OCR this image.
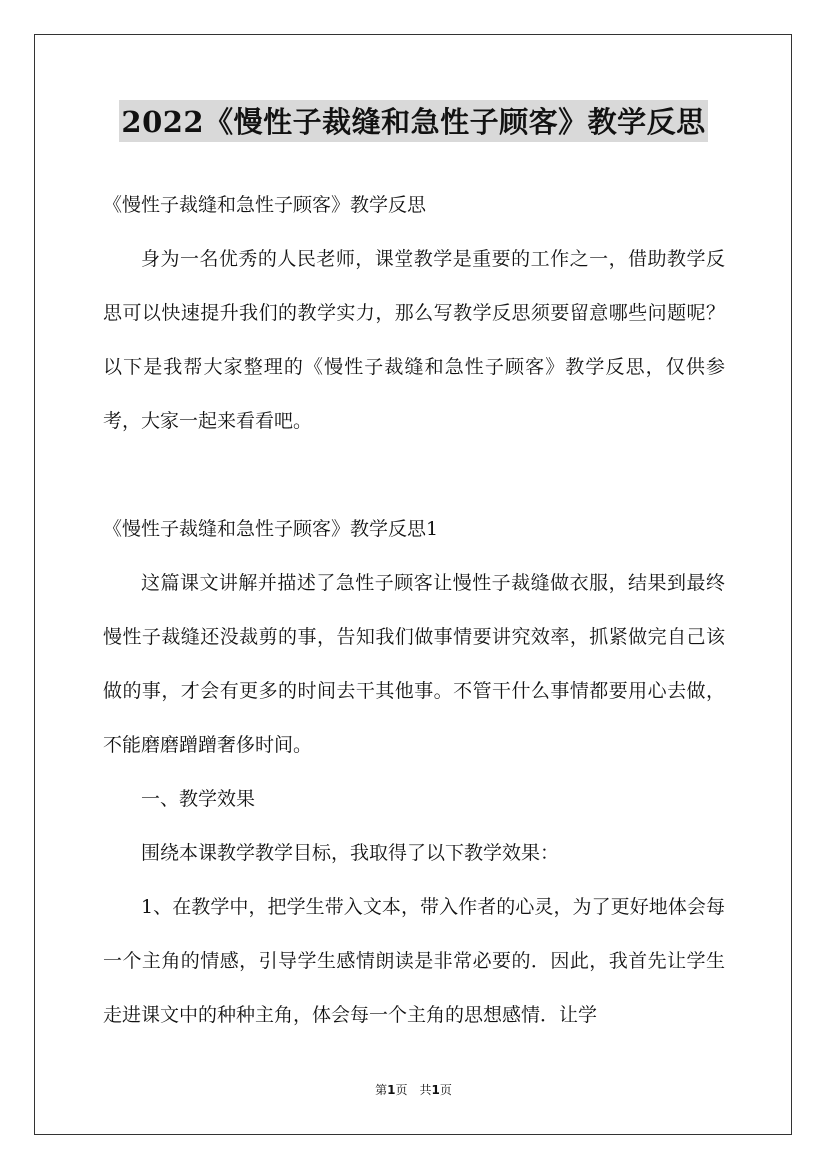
2022《慢性子裁缝和急性子顾客》教学反思

《慢性子裁缝和急性子顾客》教学反思

身为一名优秀的人民老师，课堂教学是重要的工作之一，借助教学反思可以快速提升我们的教学实力，那么写教学反思须要留意哪些问题呢？以下是我帮大家整理的《慢性子裁缝和急性子顾客》教学反思，仅供参考，大家一起来看看吧。

《慢性子裁缝和急性子顾客》教学反思1

这篇课文讲解并描述了急性子顾客让慢性子裁缝做衣服，结果到最终慢性子裁缝还没裁剪的事，告知我们做事情要讲究效率，抓紧做完自己该做的事，才会有更多的时间去干其他事。不管干什么事情都要用心去做，不能磨磨蹭蹭奢侈时间。

一、教学效果

围绕本课教学教学目标，我取得了以下教学效果：

1、在教学中，把学生带入文本，带入作者的心灵，为了更好地体会每一个主角的情感，引导学生感情朗读是非常必要的．因此，我首先让学生走进课文中的种种主角，体会每一个主角的思想感情．让学

第1页　共1页
